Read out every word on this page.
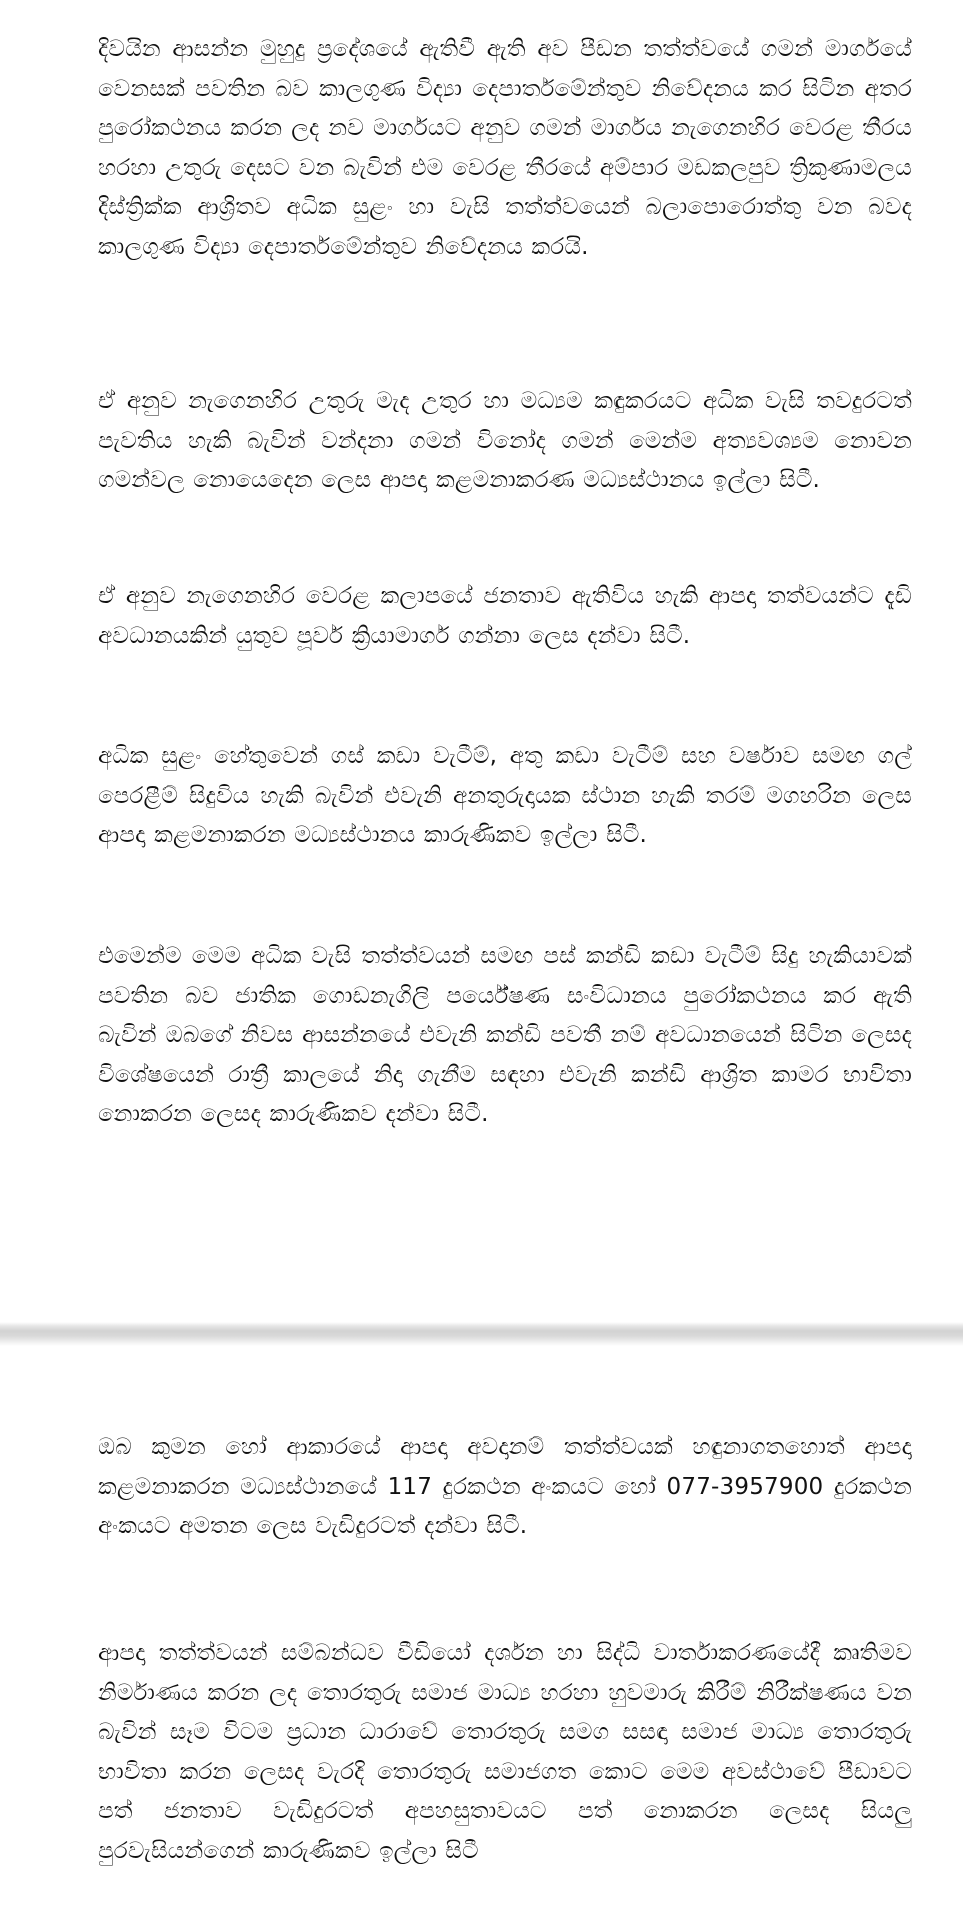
දිවයින ආසන්න මුහුදු ප්‍රදේශයේ ඇතිවී ඇති අව පීඩන තත්ත්වයේ ගමන් මාර්ගයේ වෙනසක් පවතින බව කාලගුණ විද්‍යා දෙපාර්තමේන්තුව නිවේදනය කර සිටින අතර පුරෝකථනය කරන ලද නව මාර්ගයට අනුව ගමන් මාර්ගය නැගෙනහිර වෙරළ තීරය හරහා උතුරු දෙසට වන බැවින් එම වෙරළ තීරයේ අම්පාර මඩකලපුව ත්‍රිකුණාමලය දිස්ත්‍රික්ක ආශ්‍රිතව අධික සුළං හා වැසි තත්ත්වයෙන් බලාපොරොත්තු වන බවද කාලගුණ විද්‍යා දෙපාර්තමේන්තුව නිවේදනය කරයි.

ඒ අනුව නැගෙනහිර උතුරු මැද උතුර හා මධ්‍යම කඳුකරයට අධික වැසි තවදුරටත් පැවතිය හැකි බැවින් වන්දනා ගමන් විනෝද ගමන් මෙන්ම අත්‍යවශ්‍යම නොවන ගමන්වල නොයෙදෙන ලෙස ආපදා කළමනාකරණ මධ්‍යස්ථානය ඉල්ලා සිටී.

ඒ අනුව නැගෙනහිර වෙරළ කලාපයේ ජනතාව ඇතිවිය හැකි ආපදා තත්වයන්ට දැඩි අවධානයකින් යුතුව පූර්ව ක්‍රියාමාර්ග ගන්නා ලෙස දන්වා සිටී.

අධික සුළං හේතුවෙන් ගස් කඩා වැටීම්, අතු කඩා වැටීම් සහ වර්ෂාව සමඟ ගල් පෙරළීම් සිදුවිය හැකි බැවින් එවැනි අනතුරුදායක ස්ථාන හැකි තරම් මගහරින ලෙස ආපදා කළමනාකරන මධ්‍යස්ථානය කාරුණිකව ඉල්ලා සිටී.

එමෙන්ම මෙම අධික වැසි තත්ත්වයන් සමඟ පස් කන්ඩි කඩා වැටීම් සිදු හැකියාවක් පවතින බව ජාතික ගොඩනැගිලි පර්යේෂණ සංවිධානය පුරෝකථනය කර ඇති බැවින් ඔබගේ නිවස ආසන්නයේ එවැනි කන්ඩි පවතී නම් අවධානයෙන් සිටින ලෙසද විශේෂයෙන් රාත්‍රී කාලයේ නිදා ගැනීම සඳහා එවැනි කන්ඩි ආශ්‍රිත කාමර භාවිතා නොකරන ලෙසද කාරුණිකව දන්වා සිටී.

ඔබ කුමන හෝ ආකාරයේ ආපදා අවදානම් තත්ත්වයක් හඳුනාගතහොත් ආපදා කළමනාකරන මධ්‍යස්ථානයේ 117 දුරකථන අංකයට හෝ 077-3957900 දුරකථන අංකයට අමතන ලෙස වැඩිදුරටත් දන්වා සිටී.

ආපදා තත්ත්වයන් සම්බන්ධව වීඩියෝ දර්ශන හා සිද්ධි වාර්තාකරණයේදී කෘතිමව නිර්මාණය කරන ලද තොරතුරු සමාජ මාධ්‍ය හරහා හුවමාරු කිරීම් නිරීක්ෂණය වන බැවින් සෑම විටම ප්‍රධාන ධාරාවේ තොරතුරු සමග සසඳා සමාජ මාධ්‍ය තොරතුරු භාවිතා කරන ලෙසද වැරදි තොරතුරු සමාජගත කොට මෙම අවස්ථාවේ පීඩාවට පත් ජනතාව වැඩිදුරටත් අපහසුතාවයට පත් නොකරන ලෙසද සියලු පුරවැසියන්ගෙන් කාරුණිකව ඉල්ලා සිටී
